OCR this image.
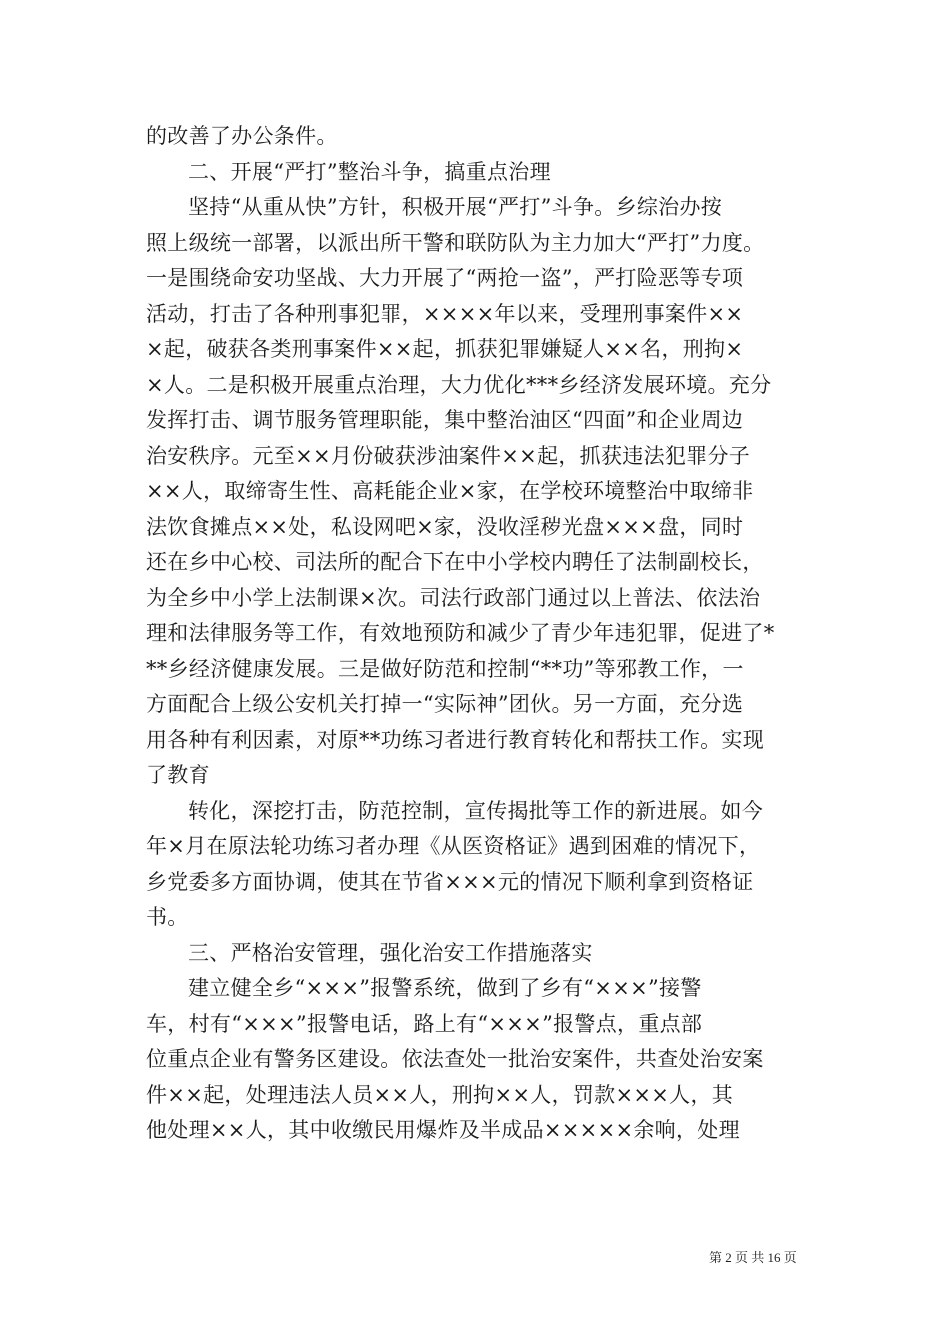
的改善了办公条件。
二、开展“严打”整治斗争，搞重点治理
坚持“从重从快”方针，积极开展“严打”斗争。乡综治办按
照上级统一部署，以派出所干警和联防队为主力加大“严打”力度。
一是围绕命安功坚战、大力开展了“两抢一盗”，严打险恶等专项
活动，打击了各种刑事犯罪，××××年以来，受理刑事案件××
×起，破获各类刑事案件××起，抓获犯罪嫌疑人××名，刑拘×
×人。二是积极开展重点治理，大力优化***乡经济发展环境。充分
发挥打击、调节服务管理职能，集中整治油区“四面”和企业周边
治安秩序。元至××月份破获涉油案件××起，抓获违法犯罪分子
××人，取缔寄生性、高耗能企业×家，在学校环境整治中取缔非
法饮食摊点××处，私设网吧×家，没收淫秽光盘×××盘，同时
还在乡中心校、司法所的配合下在中小学校内聘任了法制副校长，
为全乡中小学上法制课×次。司法行政部门通过以上普法、依法治
理和法律服务等工作，有效地预防和减少了青少年违犯罪，促进了*
**乡经济健康发展。三是做好防范和控制“**功”等邪教工作，一
方面配合上级公安机关打掉一“实际神”团伙。另一方面，充分选
用各种有利因素，对原**功练习者进行教育转化和帮扶工作。实现
了教育
转化，深挖打击，防范控制，宣传揭批等工作的新进展。如今
年×月在原法轮功练习者办理《从医资格证》遇到困难的情况下，
乡党委多方面协调，使其在节省×××元的情况下顺利拿到资格证
书。
三、严格治安管理，强化治安工作措施落实
建立健全乡“×××”报警系统，做到了乡有“×××”接警
车，村有“×××”报警电话，路上有“×××”报警点，重点部
位重点企业有警务区建设。依法查处一批治安案件，共查处治安案
件××起，处理违法人员××人，刑拘××人，罚款×××人，其
他处理××人，其中收缴民用爆炸及半成品×××××余响，处理
第 2 页 共 16 页
